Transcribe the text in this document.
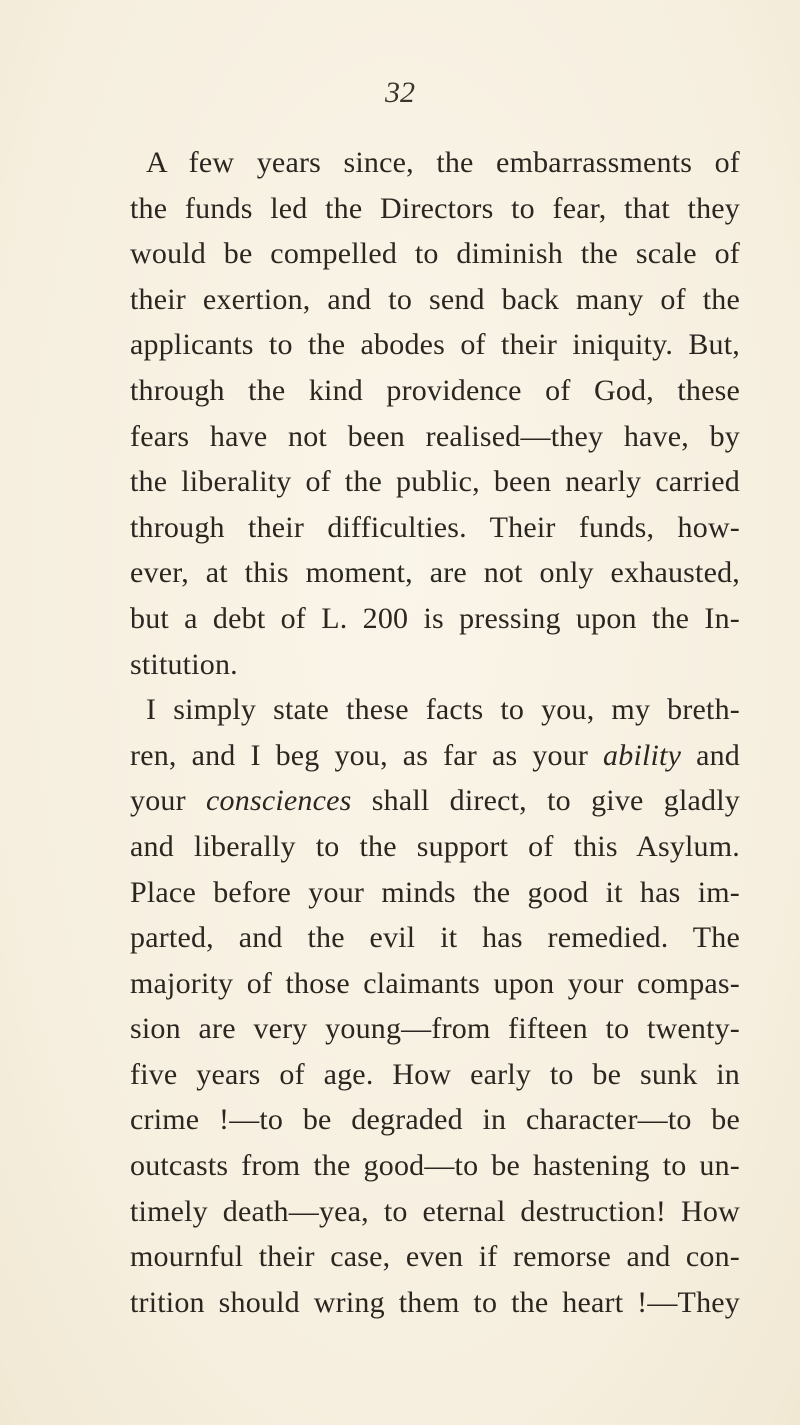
32
A few years since, the embarrassments of
the funds led the Directors to fear, that they
would be compelled to diminish the scale of
their exertion, and to send back many of the
applicants to the abodes of their iniquity. But,
through the kind providence of God, these
fears have not been realised—they have, by
the liberality of the public, been nearly carried
through their difficulties. Their funds, how-
ever, at this moment, are not only exhausted,
but a debt of L. 200 is pressing upon the In-
stitution.
I simply state these facts to you, my breth-
ren, and I beg you, as far as your ability and
your consciences shall direct, to give gladly
and liberally to the support of this Asylum.
Place before your minds the good it has im-
parted, and the evil it has remedied. The
majority of those claimants upon your compas-
sion are very young—from fifteen to twenty-
five years of age. How early to be sunk in
crime !—to be degraded in character—to be
outcasts from the good—to be hastening to un-
timely death—yea, to eternal destruction! How
mournful their case, even if remorse and con-
trition should wring them to the heart !—They
